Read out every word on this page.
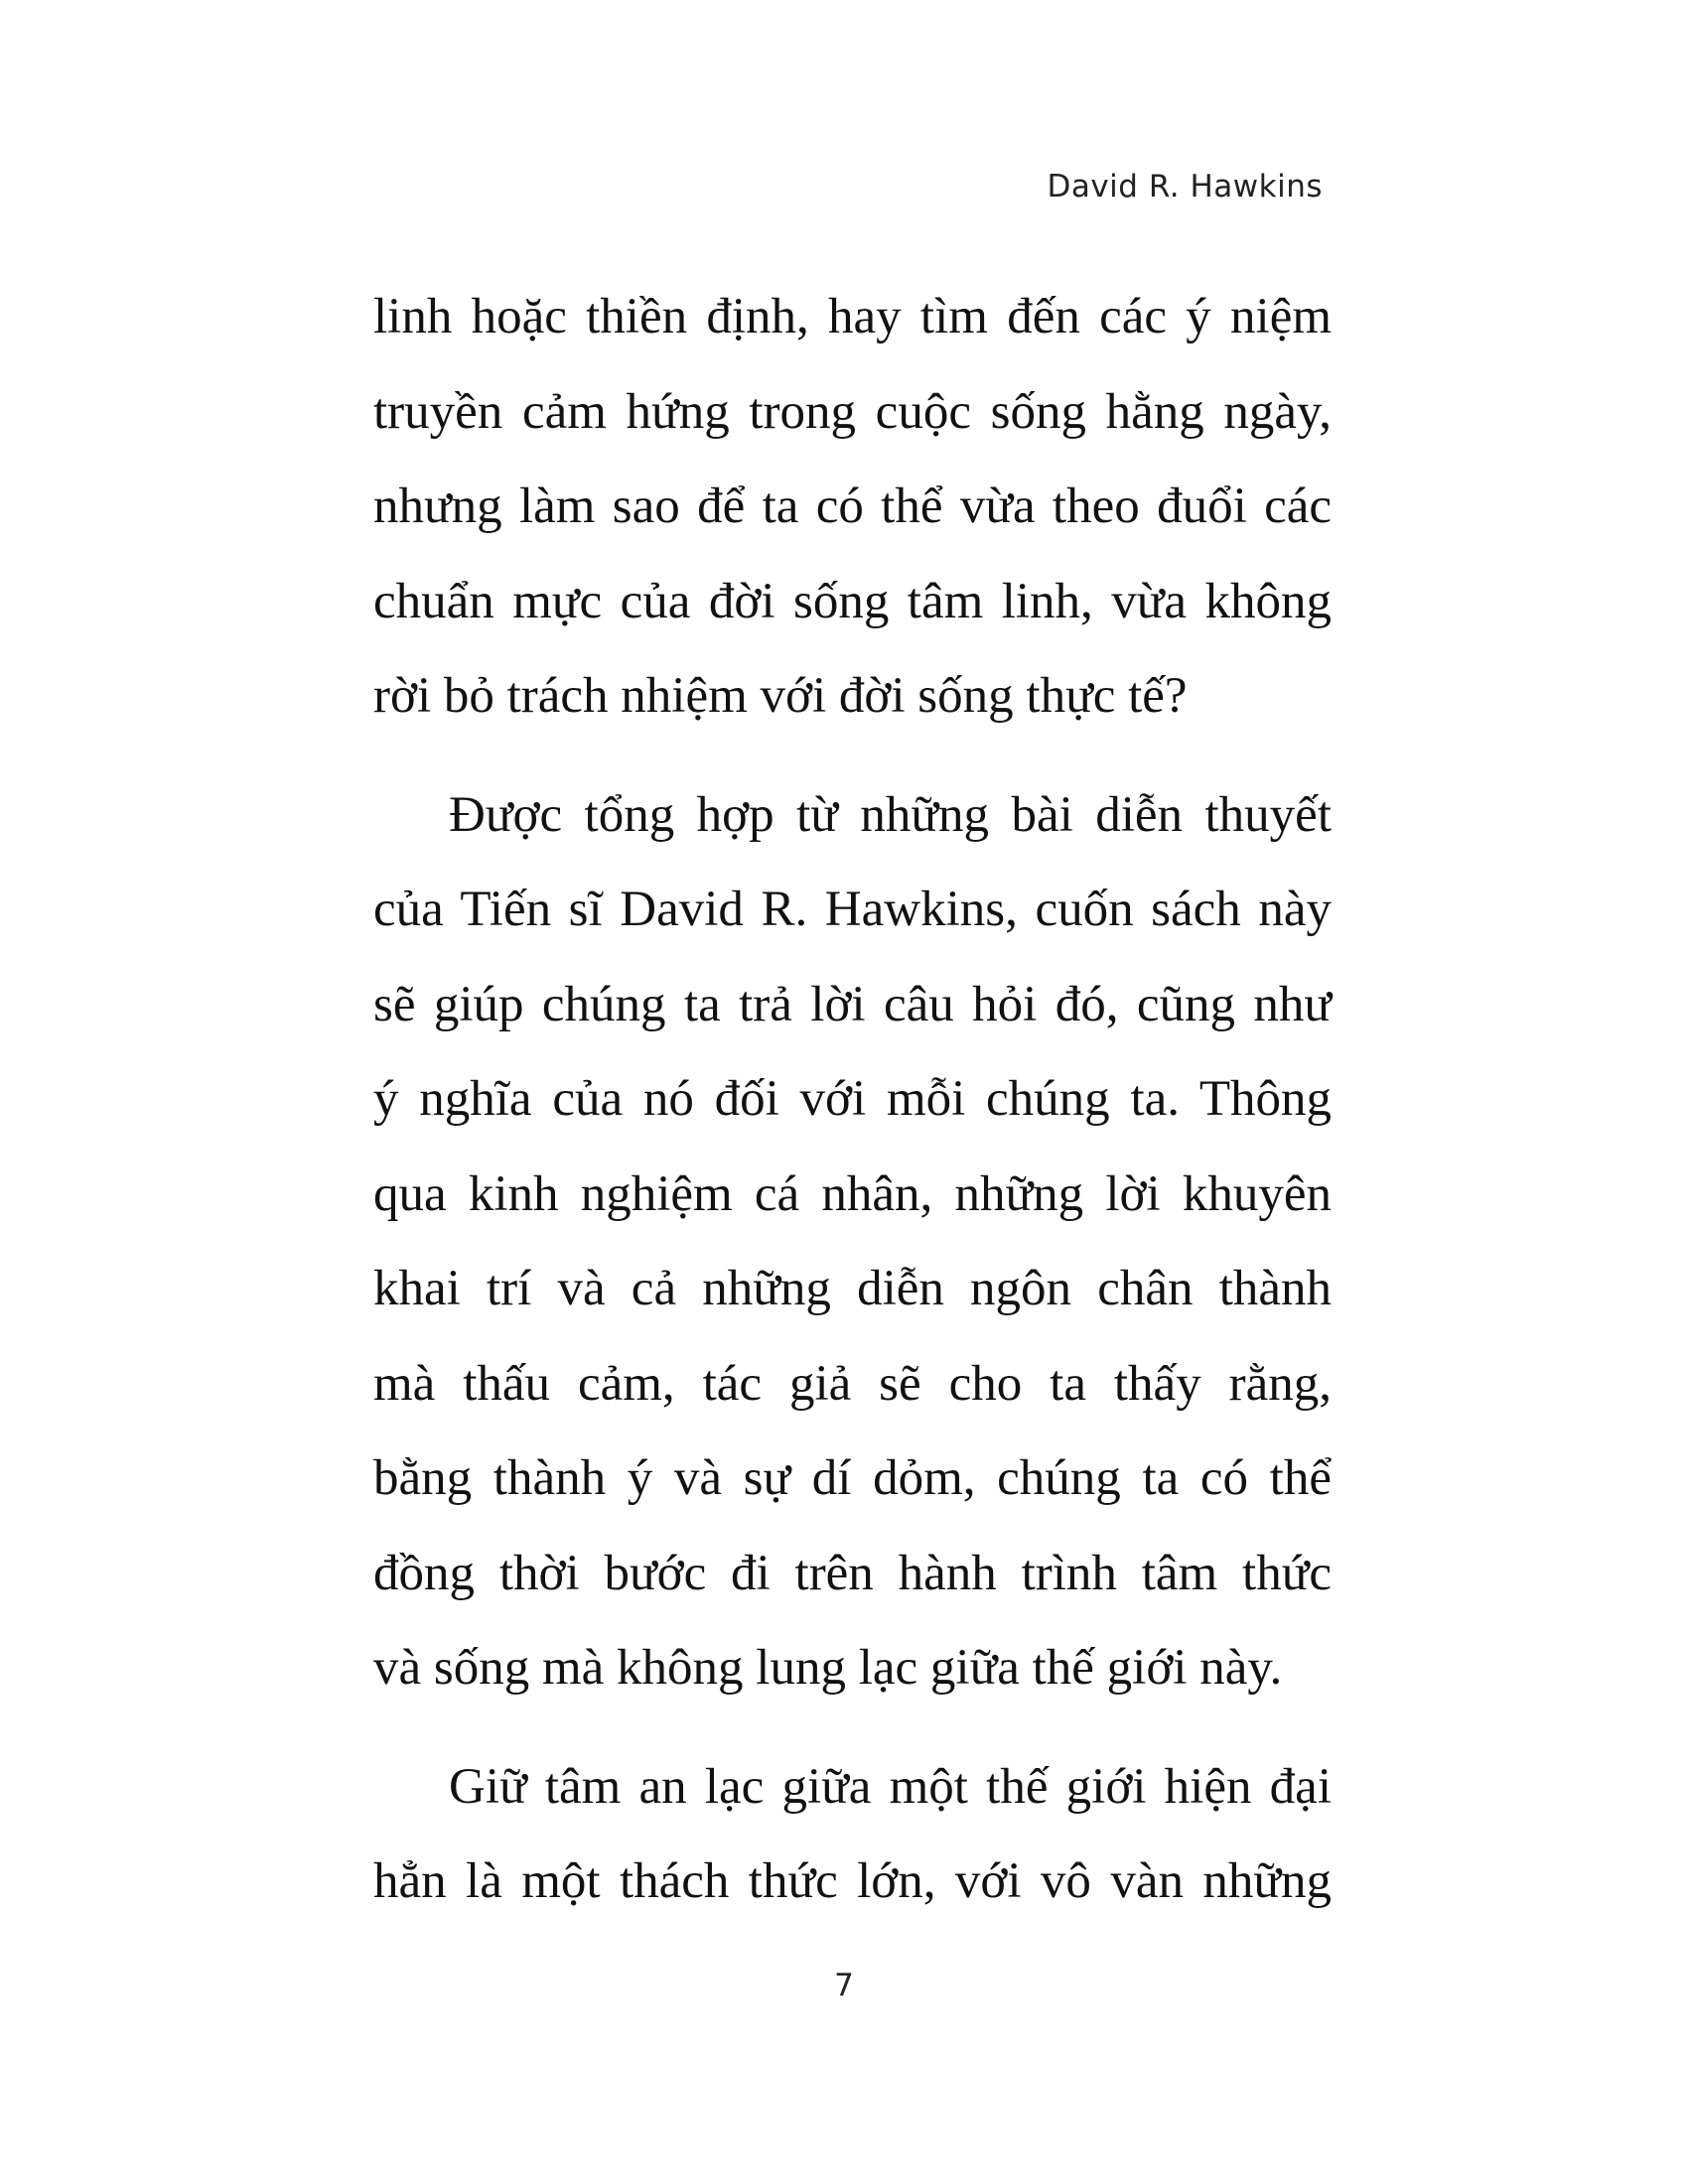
David R. Hawkins
linh hoặc thiền định, hay tìm đến các ý niệm
truyền cảm hứng trong cuộc sống hằng ngày,
nhưng làm sao để ta có thể vừa theo đuổi các
chuẩn mực của đời sống tâm linh, vừa không
rời bỏ trách nhiệm với đời sống thực tế?
Được tổng hợp từ những bài diễn thuyết
của Tiến sĩ David R. Hawkins, cuốn sách này
sẽ giúp chúng ta trả lời câu hỏi đó, cũng như
ý nghĩa của nó đối với mỗi chúng ta. Thông
qua kinh nghiệm cá nhân, những lời khuyên
khai trí và cả những diễn ngôn chân thành
mà thấu cảm, tác giả sẽ cho ta thấy rằng,
bằng thành ý và sự dí dỏm, chúng ta có thể
đồng thời bước đi trên hành trình tâm thức
và sống mà không lung lạc giữa thế giới này.
Giữ tâm an lạc giữa một thế giới hiện đại
hẳn là một thách thức lớn, với vô vàn những
7
